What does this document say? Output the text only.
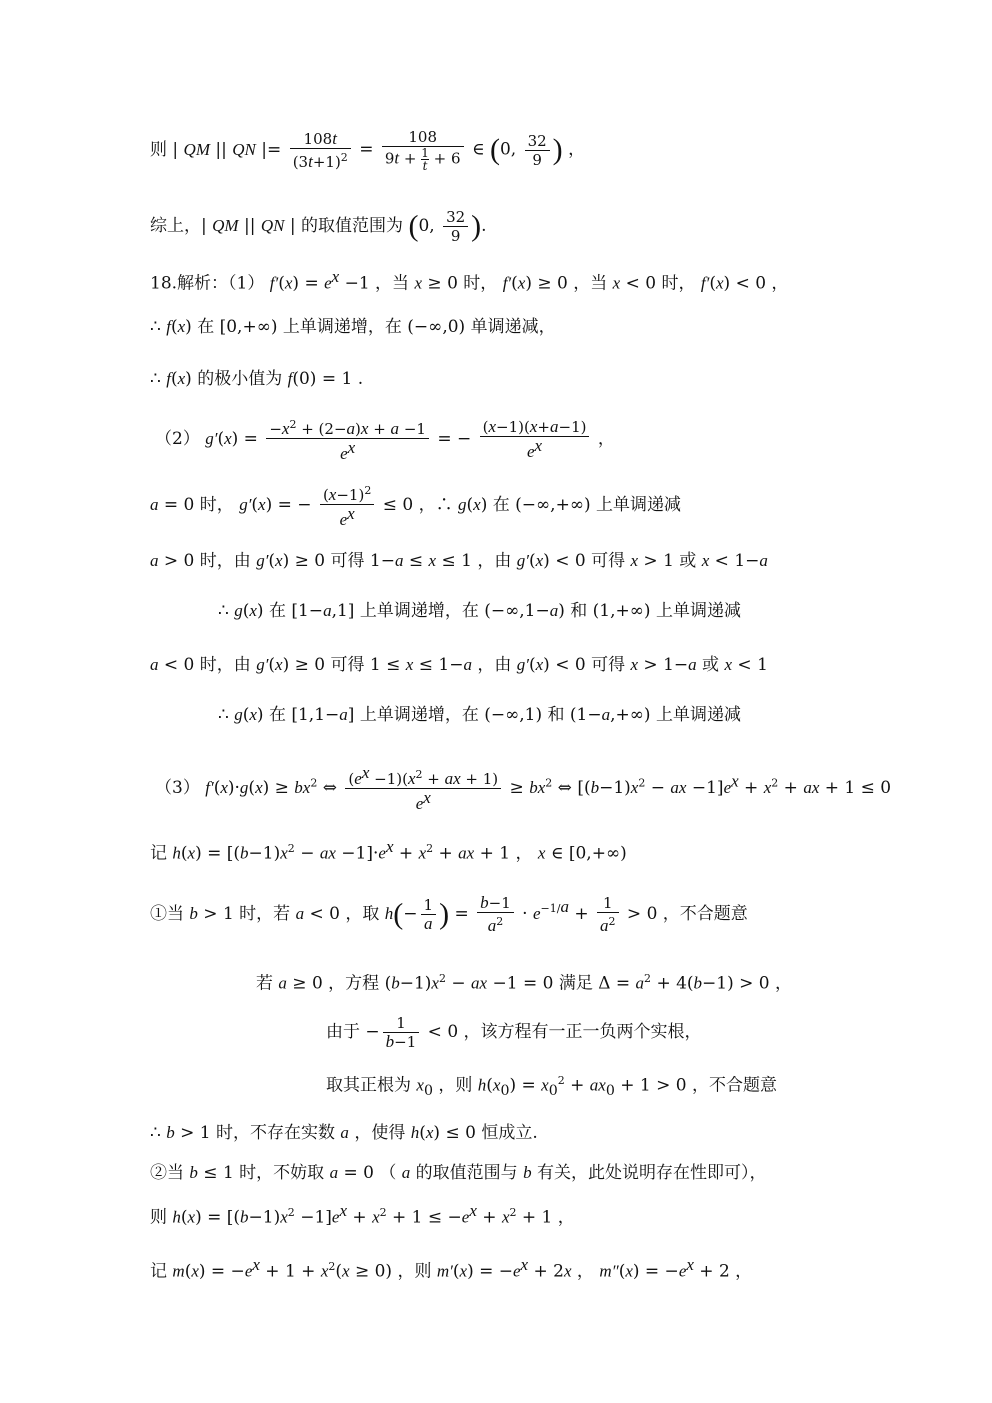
则 | QM || QN |= $\frac{108t}{(3t+1)^2} = \frac{108}{9t + \frac{1}{t} + 6}$ ∈ (0, $\frac{32}{9}$ ) ，
综上，| QM || QN | 的取值范围为 (0, $\frac{32}{9}$ ).
18.解析：（1） $f'(x) = e^x -1$ ，当 x ≥ 0 时， f′(x) ≥ 0 ，当 x < 0 时， f′(x) < 0 ，
∴ f(x) 在 [0,+∞) 上单调递增，在 (−∞,0) 单调递减，
∴ f(x) 的极小值为 f(0) = 1 .
（2） $g'(x) = \frac{-x^2 + (2-a)x + a -1}{e^x}$ = − $\frac{(x-1)(x+a-1)}{e^x}$ ，
a = 0 时， g′(x) = − $\frac{(x-1)^2}{e^x} \le 0$ ，∴ g(x) 在 (−∞,+∞) 上单调递减
a > 0 时，由 g′(x) ≥ 0 可得 1−a ≤ x ≤ 1 ，由 g′(x) < 0 可得 x > 1 或 x < 1−a
∴ g(x) 在 [1−a,1] 上单调递增，在 (−∞,1−a) 和 (1,+∞) 上单调递减
a < 0 时，由 g′(x) ≥ 0 可得 1 ≤ x ≤ 1−a ，由 g′(x) < 0 可得 x > 1−a 或 x < 1
∴ g(x) 在 [1,1−a] 上单调递增，在 (−∞,1) 和 (1−a,+∞) 上单调递减
（3） $f'(x)\cdot g(x) \ge bx^2$ ⇔ $\frac{(e^x -1)(x^2 + ax + 1)}{e^x} \ge bx^2$ ⇔ [$(b-1)x^2$ − ax $-1]e^x + x^2$ + ax + 1 ≤ 0
记 $h(x) = [(b-1)x^2$ − ax $-1]\cdot e^x + x^2$ + ax + 1 ， x ∈ [0,+∞)
①当 b > 1 时，若 a < 0 ，取 $h(- \frac{1}{a}$ ) = $\frac{b-1}{a^2} \cdot e^{-1/a} + \frac{1}{a^2} > 0$ ，不合题意
若 a ≥ 0 ，方程 $(b-1)x^2$ − ax −1 = 0 满足 $\Delta = a^2 + 4(b-1) > 0$ ，
由于 − $\frac{1}{b-1} < 0$ ，该方程有一正一负两个实根，
取其正根为 $x_0$ ，则 $h(x_0) = x_0^2 + ax_0 + 1 > 0$ ，不合题意
∴ b > 1 时，不存在实数 a ，使得 h(x) ≤ 0 恒成立.
②当 b ≤ 1 时，不妨取 a = 0 （ a 的取值范围与 b 有关，此处说明存在性即可），
则 $h(x) = [(b-1)x^2 -1]e^x + x^2 + 1 \le -e^x + x^2 + 1$ ，
记 $m(x) = -e^x + 1 + x^2(x \ge 0)$ ，则 $m'(x) = -e^x + 2x$ ， $m''(x) = -e^x + 2$ ，
